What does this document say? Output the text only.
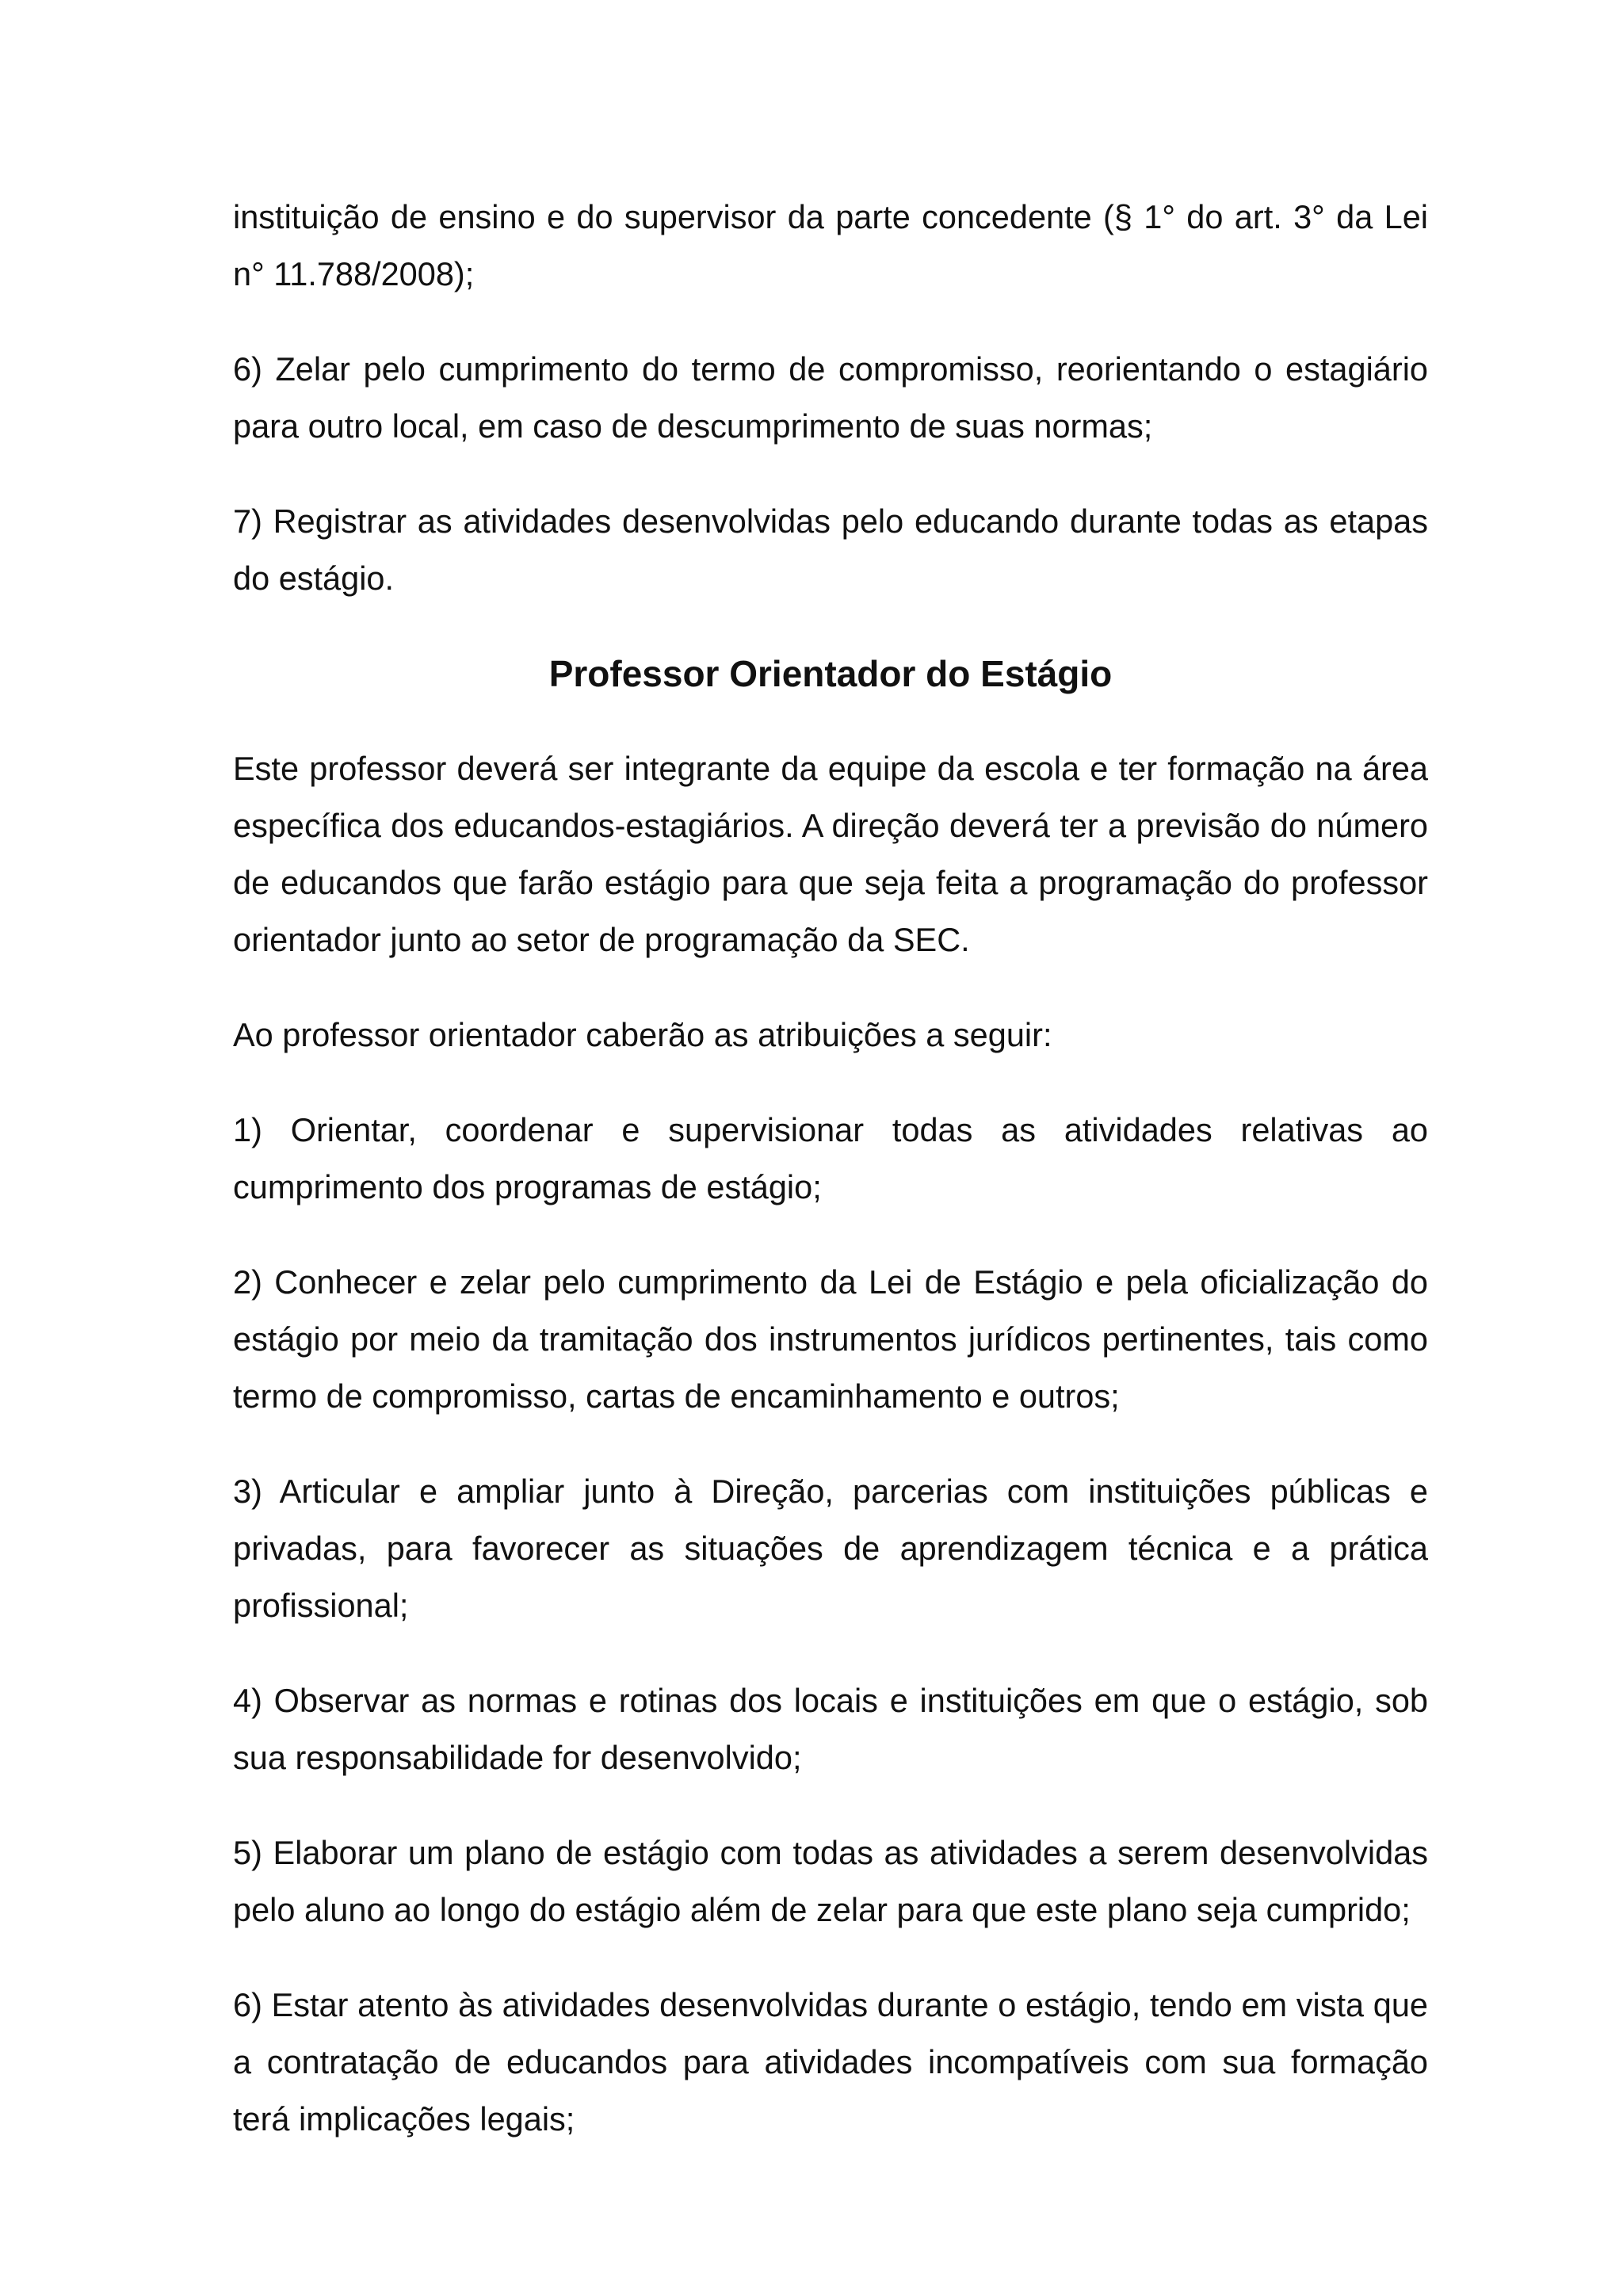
instituição de ensino e do supervisor da parte concedente (§ 1° do art. 3° da Lei n° 11.788/2008);

6) Zelar pelo cumprimento do termo de compromisso, reorientando o estagiário para outro local, em caso de descumprimento de suas normas;

7) Registrar as atividades desenvolvidas pelo educando durante todas as etapas do estágio.

Professor Orientador do Estágio

Este professor deverá ser integrante da equipe da escola e ter formação na área específica dos educandos-estagiários. A direção deverá ter a previsão do número de educandos que farão estágio para que seja feita a programação do professor orientador junto ao setor de programação da SEC.

Ao professor orientador caberão as atribuições a seguir:

1) Orientar, coordenar e supervisionar todas as atividades relativas ao cumprimento dos programas de estágio;

2) Conhecer e zelar pelo cumprimento da Lei de Estágio e pela oficialização do estágio por meio da tramitação dos instrumentos jurídicos pertinentes, tais como termo de compromisso, cartas de encaminhamento e outros;

3) Articular e ampliar junto à Direção, parcerias com instituições públicas e privadas, para favorecer as situações de aprendizagem técnica e a prática profissional;

4) Observar as normas e rotinas dos locais e instituições em que o estágio, sob sua responsabilidade for desenvolvido;

5) Elaborar um plano de estágio com todas as atividades a serem desenvolvidas pelo aluno ao longo do estágio além de zelar para que este plano seja cumprido;

6) Estar atento às atividades desenvolvidas durante o estágio, tendo em vista que a contratação de educandos para atividades incompatíveis com sua formação terá implicações legais;
